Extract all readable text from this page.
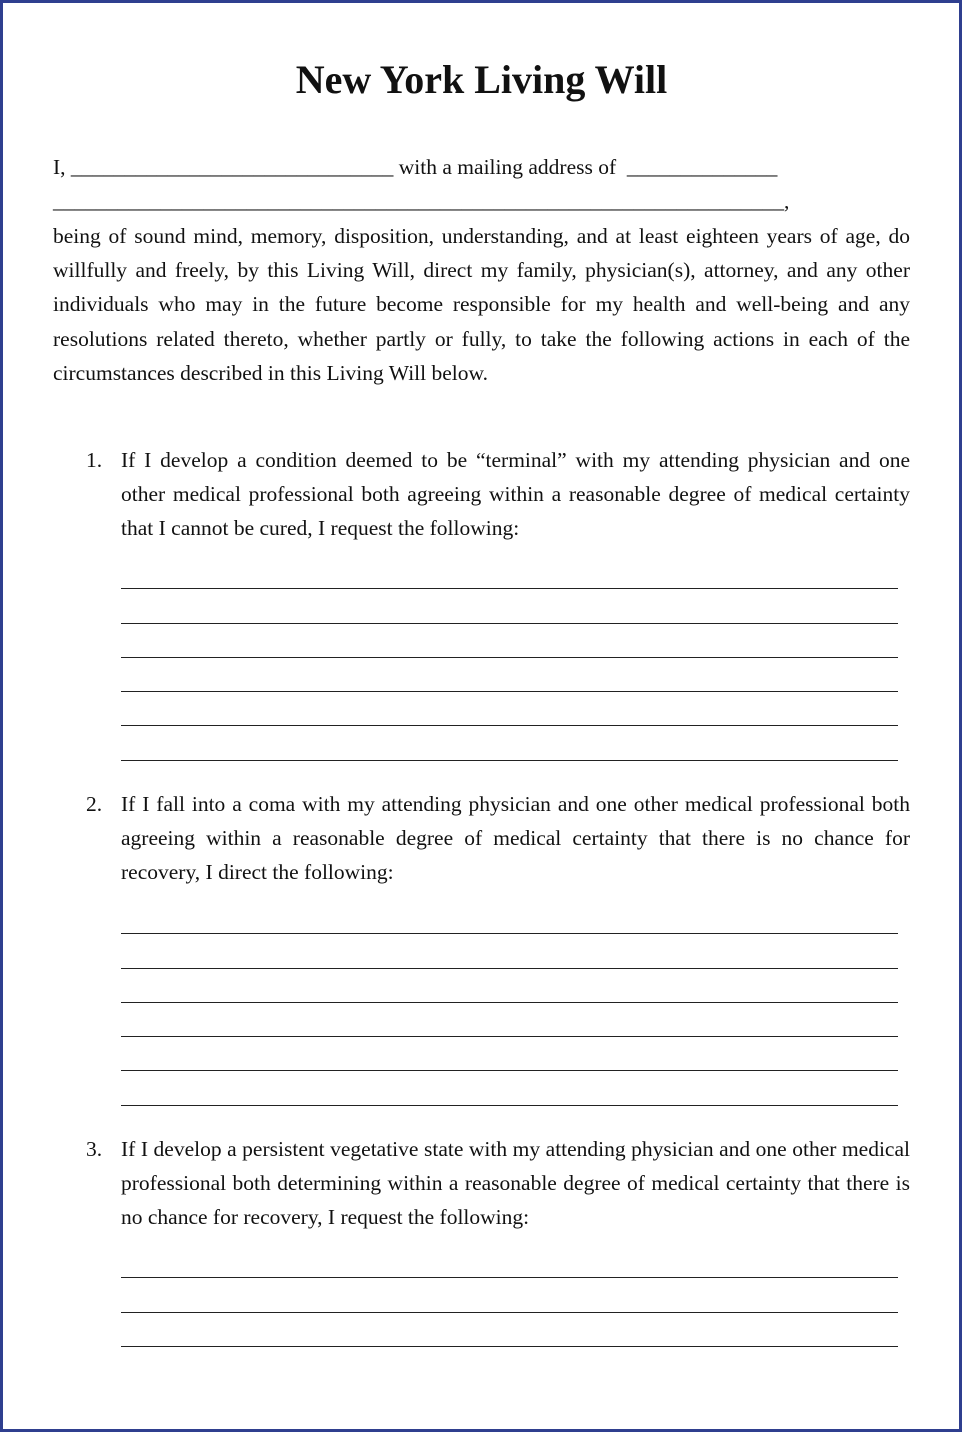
New York Living Will
I, ______________________________ with a mailing address of  ______________
____________________________________________________________________,
being of sound mind, memory, disposition, understanding, and at least eighteen years of age, do willfully and freely, by this Living Will, direct my family, physician(s), attorney, and any other individuals who may in the future become responsible for my health and well-being and any resolutions related thereto, whether partly or fully, to take the following actions in each of the circumstances described in this Living Will below.
1. If I develop a condition deemed to be “terminal” with my attending physician and one other medical professional both agreeing within a reasonable degree of medical certainty that I cannot be cured, I request the following:
2. If I fall into a coma with my attending physician and one other medical professional both agreeing within a reasonable degree of medical certainty that there is no chance for recovery, I direct the following:
3. If I develop a persistent vegetative state with my attending physician and one other medical professional both determining within a reasonable degree of medical certainty that there is no chance for recovery, I request the following:
